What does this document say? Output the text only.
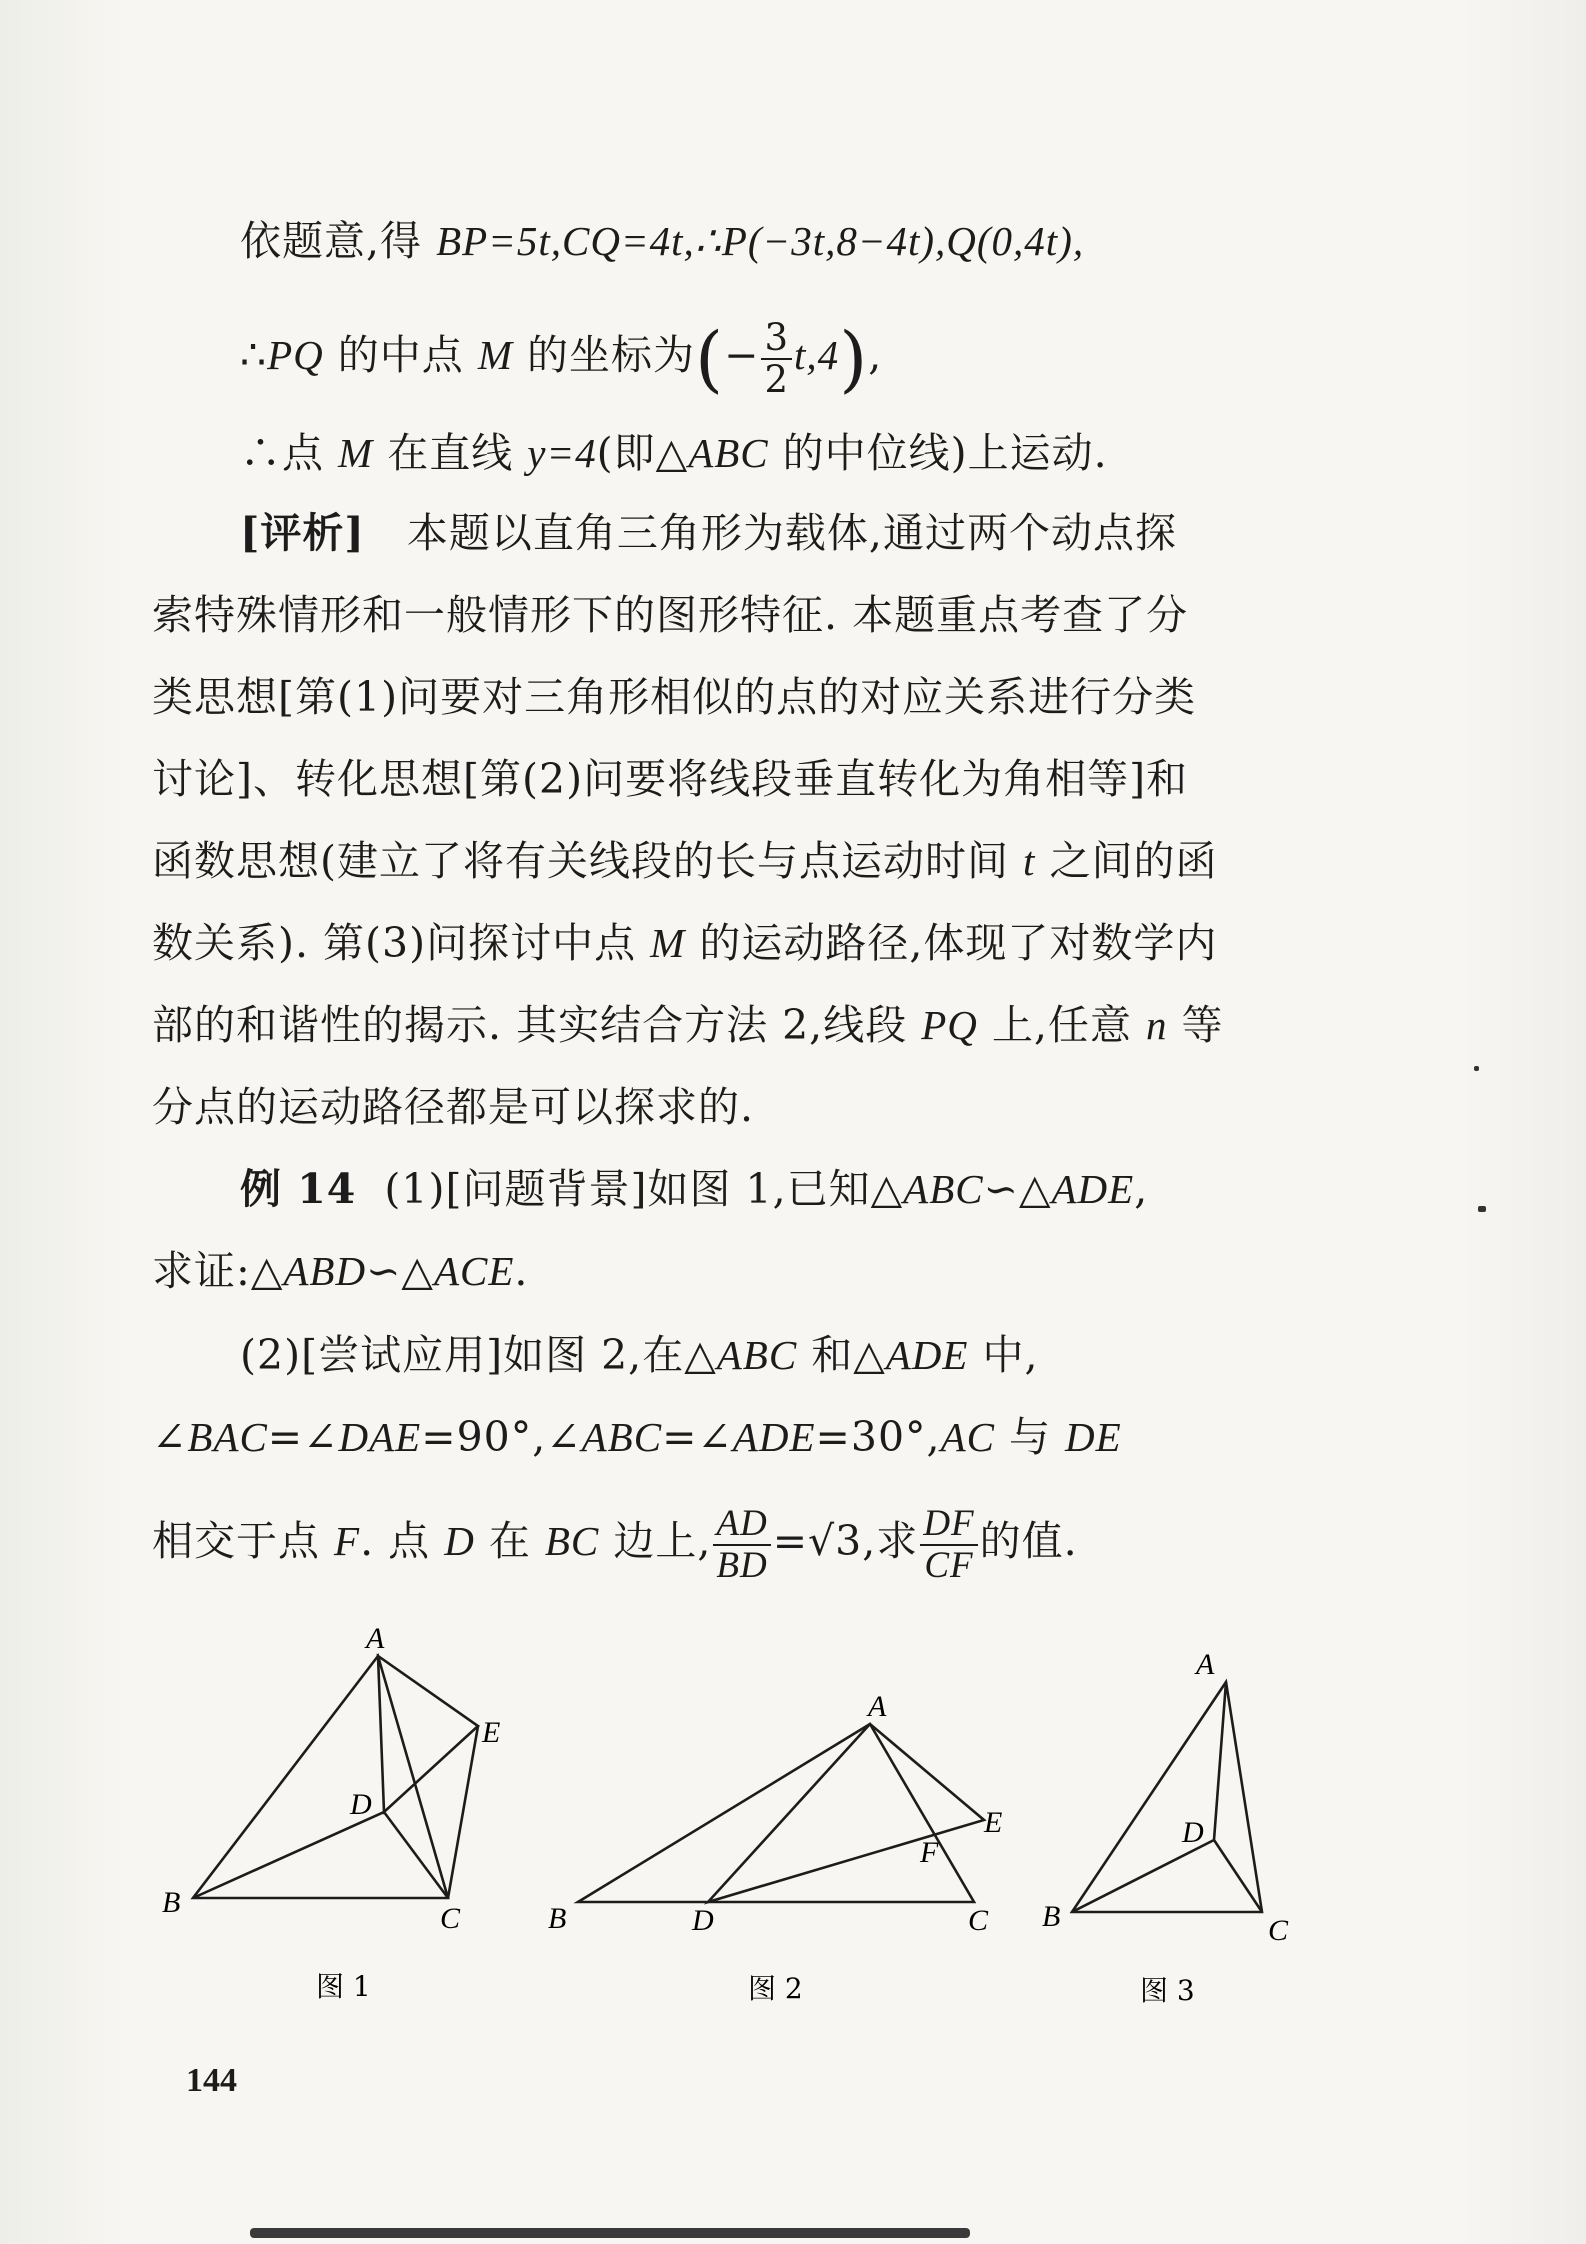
依题意,得 BP=5t,CQ=4t,∴P(−3t,8−4t),Q(0,4t),
∴PQ 的中点 M 的坐标为(− $\frac{3}{2} t,4$),
∴点 M 在直线 y=4(即△ABC 的中位线)上运动.
[评析] 本题以直角三角形为载体,通过两个动点探
索特殊情形和一般情形下的图形特征. 本题重点考查了分
类思想[第(1)问要对三角形相似的点的对应关系进行分类
讨论]、转化思想[第(2)问要将线段垂直转化为角相等]和
函数思想(建立了将有关线段的长与点运动时间 t 之间的函
数关系). 第(3)问探讨中点 M 的运动路径,体现了对数学内
部的和谐性的揭示. 其实结合方法 2,线段 PQ 上,任意 n 等
分点的运动路径都是可以探求的.
例 14 (1)[问题背景]如图 1,已知△ABC∽△ADE,
求证:△ABD∽△ACE.
(2)[尝试应用]如图 2,在△ABC 和△ADE 中,
∠BAC=∠DAE=90°,∠ABC=∠ADE=30°,AC 与 DE
相交于点 F. 点 D 在 BC 边上, $\frac{AD}{BD} =√3$,求 $\frac{DF}{CF}$ 的值.
A
B	C
D
E
图 1
A
B	C
D
E
F
图 2
A
B	C
D
图 3
144
